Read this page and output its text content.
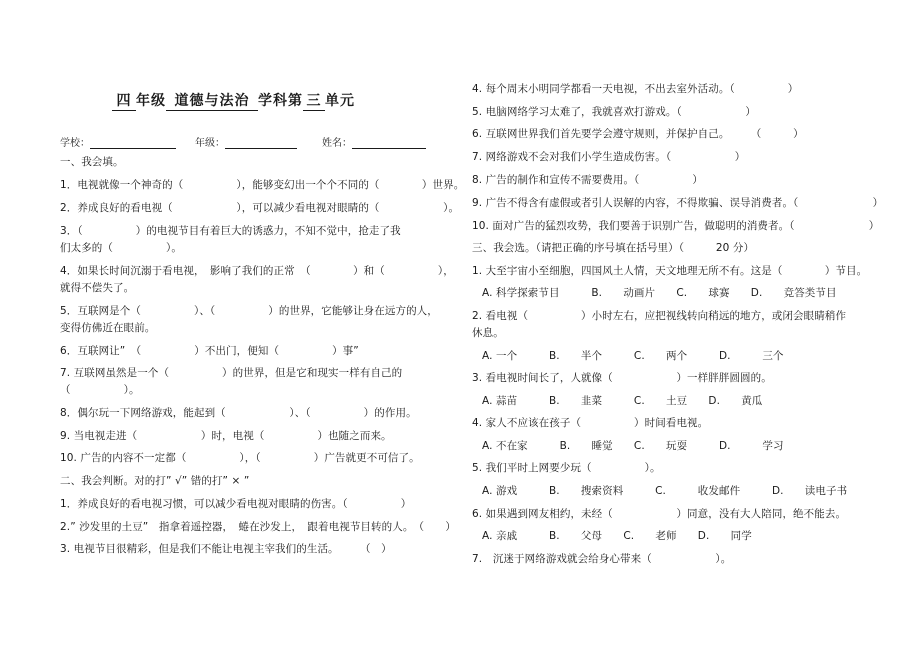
四 年级 道德与法治 学科第 三 单元
学校：	年级：	姓名：
一、我会填。
1．电视就像一个神奇的（　　　　　），能够变幻出一个个不同的（　　　　）世界。
2．养成良好的看电视（　　　　　　），可以减少看电视对眼睛的（　　　　　　）。
3．（　　　　　）的电视节目有着巨大的诱惑力，不知不觉中，抢走了我
们太多的（　　　　　）。
4．如果长时间沉溺于看电视，　影响了我们的正常　（　　　　）和（　　　　　），
就得不偿失了。
5．互联网是个（　　　　　）、（　　　　　）的世界，它能够让身在远方的人，
变得仿佛近在眼前。
6．互联网让”　（　　　　　）不出门，便知（　　　　　）事”
7. 互联网虽然是一个（　　　　　）的世界，但是它和现实一样有自己的
（　　　　　）。
8．偶尔玩一下网络游戏，能起到（　　　　　　）、（　　　　　）的作用。
9. 当电视走进（　　　　　　）时，电视（　　　　　）也随之而来。
10. 广告的内容不一定都（　　　　　），（　　　　　）广告就更不可信了。
二、我会判断。对的打” √” 错的打” × ”
1．养成良好的看电视习惯，可以减少看电视对眼睛的伤害。（　　　　　）
2.” 沙发里的土豆”　指拿着遥控器，　蜷在沙发上，　跟着电视节目转的人。　（　　）
3. 电视节目很精彩，但是我们不能让电视主宰我们的生活。　　　（　）
4. 每个周末小明同学都看一天电视，不出去室外活动。（　　　　　）
5. 电脑网络学习太难了，我就喜欢打游戏。（　　　　　　）
6. 互联网世界我们首先要学会遵守规则，并保护自己。　　　（　　　）
7. 网络游戏不会对我们小学生造成伤害。（　　　　　　）
8. 广告的制作和宣传不需要费用。（　　　　　）
9. 广告不得含有虚假或者引人误解的内容，不得欺骗、误导消费者。（　　　　　　　）
10. 面对广告的猛烈攻势，我们要善于识别广告，做聪明的消费者。（　　　　　　　）
三、我会选。（请把正确的序号填在括号里）（　　　20 分）
1. 大至宇宙小至细胞，四国风土人情，天文地理无所不有。这是（　　　　）节目。
A. 科学探索节目　　　B.　　动画片　　C.　　球赛　　D.　　竞答类节目
2. 看电视（　　　　　）小时左右，应把视线转向稍远的地方，或闭会眼睛稍作
休息。
A. 一个　　　B.　　半个　　　C.　　两个　　　D.　　　三个
3. 看电视时间长了，人就像（　　　　　　）一样胖胖圆圆的。
A. 蒜苗　　　B.　　韭菜　　　C.　　土豆　　D.　　黄瓜
4. 家人不应该在孩子（　　　　　）时间看电视。
A. 不在家　　　B.　　睡觉　　C.　　玩耍　　　D.　　　学习
5. 我们平时上网要少玩（　　　　　）。
A. 游戏　　　B.　　搜索资料　　　C.　　　收发邮件　　　D.　　读电子书
6. 如果遇到网友相约，未经（　　　　　　）同意，没有大人陪同，绝不能去。
A. 亲戚　　　B.　　父母　　C.　　老师　　D.　　同学
7.　沉迷于网络游戏就会给身心带来（　　　　　　）。
